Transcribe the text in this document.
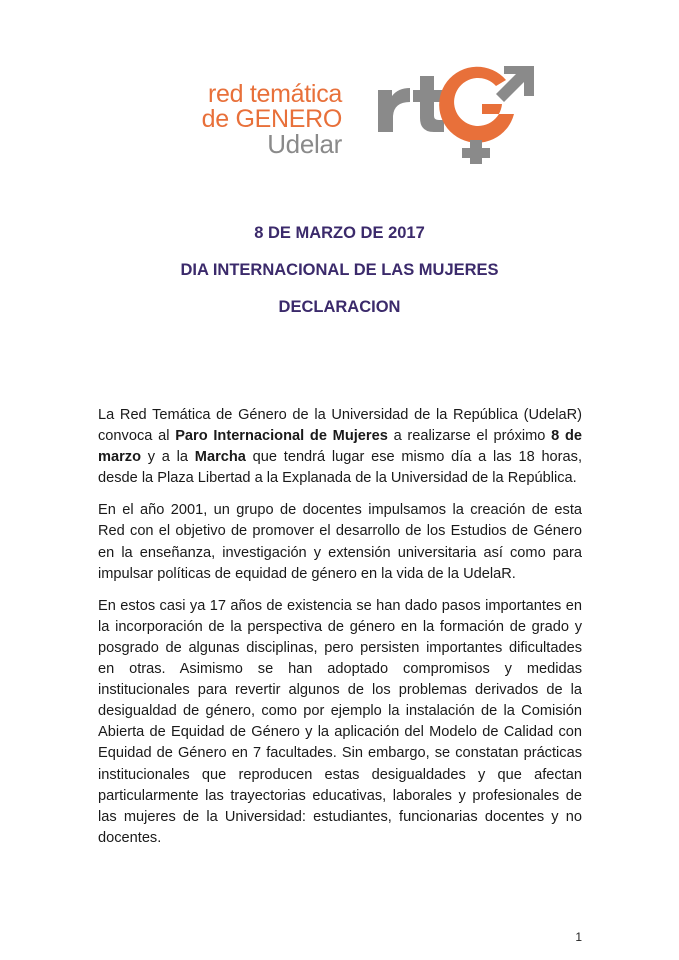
red temática
de GENERO
Udelar
8 DE MARZO DE 2017
DIA INTERNACIONAL DE LAS MUJERES
DECLARACION

La Red Temática de Género de la Universidad de la República (UdelaR) convoca al Paro Internacional de Mujeres a realizarse el próximo 8 de marzo y a la Marcha que tendrá lugar ese mismo día a las 18 horas, desde la Plaza Libertad a la Explanada de la Universidad de la República.

En el año 2001, un grupo de docentes impulsamos la creación de esta Red con el objetivo de promover el desarrollo de los Estudios de Género en la enseñanza, investigación y extensión universitaria así como para impulsar políticas de equidad de género en la vida de la UdelaR.

En estos casi ya 17 años de existencia se han dado pasos importantes en la incorporación de la perspectiva de género en la formación de grado y posgrado de algunas disciplinas, pero persisten importantes dificultades en otras. Asimismo se han adoptado compromisos y medidas institucionales para revertir algunos de los problemas derivados de la desigualdad de género, como por ejemplo la instalación de la Comisión Abierta de Equidad de Género y la aplicación del Modelo de Calidad con Equidad de Género en 7 facultades. Sin embargo, se constatan prácticas institucionales que reproducen estas desigualdades y que afectan particularmente las trayectorias educativas, laborales y profesionales de las mujeres de la Universidad: estudiantes, funcionarias docentes y no docentes.

1
